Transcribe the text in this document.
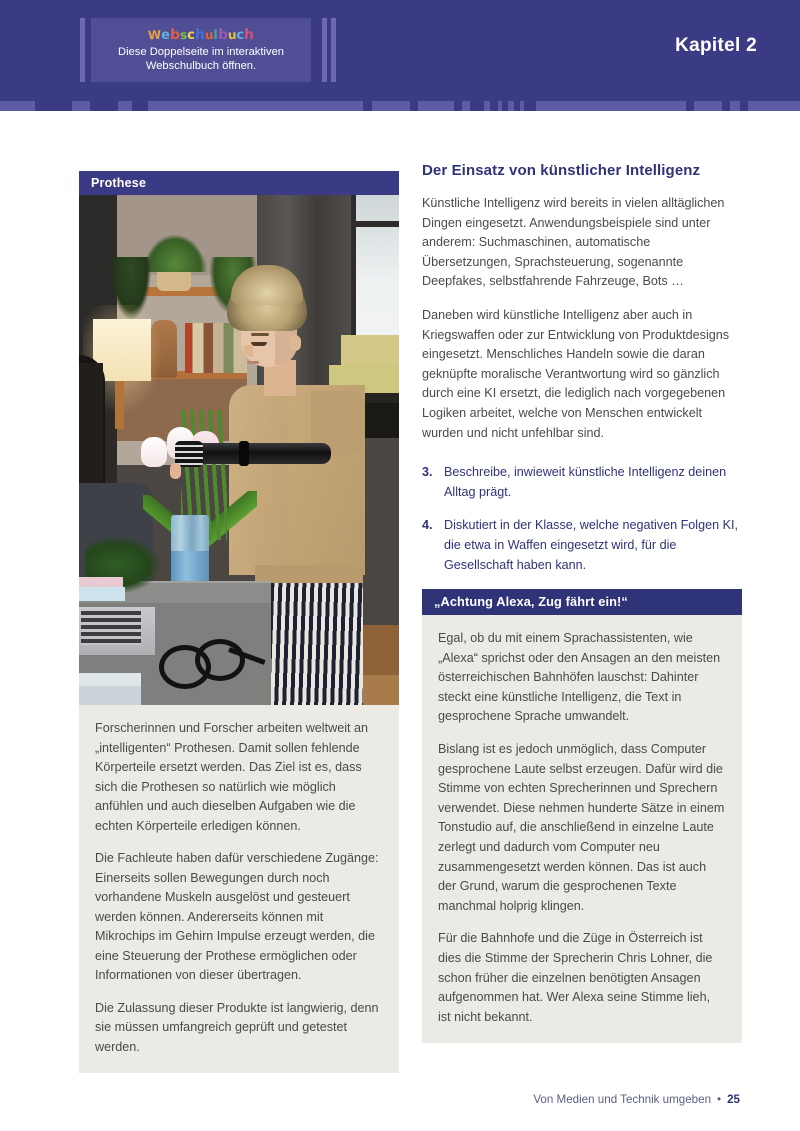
Webschulbuch
Diese Doppelseite im interaktiven
Webschulbuch öffnen.
Kapitel 2
Prothese

Forscherinnen und Forscher arbeiten weltweit an „intelligenten“ Prothesen. Damit sollen fehlende Körperteile ersetzt werden. Das Ziel ist es, dass sich die Prothesen so natürlich wie möglich anfühlen und auch dieselben Aufgaben wie die echten Körperteile erledigen können.

Die Fachleute haben dafür verschiedene Zugänge: Einerseits sollen Bewegungen durch noch vorhandene Muskeln ausgelöst und gesteuert werden können. Andererseits können mit Mikrochips im Gehirn Impulse erzeugt werden, die eine Steuerung der Prothese ermöglichen oder Informationen von dieser übertragen.

Die Zulassung dieser Produkte ist langwierig, denn sie müssen umfangreich geprüft und getestet werden.

Der Einsatz von künstlicher Intelligenz

Künstliche Intelligenz wird bereits in vielen alltäglichen Dingen eingesetzt. Anwendungsbeispiele sind unter anderem: Suchmaschinen, automatische Übersetzungen, Sprachsteuerung, sogenannte Deepfakes, selbstfahrende Fahrzeuge, Bots …

Daneben wird künstliche Intelligenz aber auch in Kriegswaffen oder zur Entwicklung von Produktdesigns eingesetzt. Menschliches Handeln sowie die daran geknüpfte moralische Verantwortung wird so gänzlich durch eine KI ersetzt, die lediglich nach vorgegebenen Logiken arbeitet, welche von Menschen entwickelt wurden und nicht unfehlbar sind.

3. Beschreibe, inwieweit künstliche Intelligenz deinen Alltag prägt.
4. Diskutiert in der Klasse, welche negativen Folgen KI, die etwa in Waffen eingesetzt wird, für die Gesellschaft haben kann.
„Achtung Alexa, Zug fährt ein!“

Egal, ob du mit einem Sprachassistenten, wie „Alexa“ sprichst oder den Ansagen an den meisten österreichischen Bahnhöfen lauschst: Dahinter steckt eine künstliche Intelligenz, die Text in gesprochene Sprache umwandelt.

Bislang ist es jedoch unmöglich, dass Computer gesprochene Laute selbst erzeugen. Dafür wird die Stimme von echten Sprecherinnen und Sprechern verwendet. Diese nehmen hunderte Sätze in einem Tonstudio auf, die anschließend in einzelne Laute zerlegt und dadurch vom Computer neu zusammengesetzt werden können. Das ist auch der Grund, warum die gesprochenen Texte manchmal holprig klingen.

Für die Bahnhofe und die Züge in Österreich ist dies die Stimme der Sprecherin Chris Lohner, die schon früher die einzelnen benötigten Ansagen aufgenommen hat. Wer Alexa seine Stimme lieh, ist nicht bekannt.

Von Medien und Technik umgeben • 25
